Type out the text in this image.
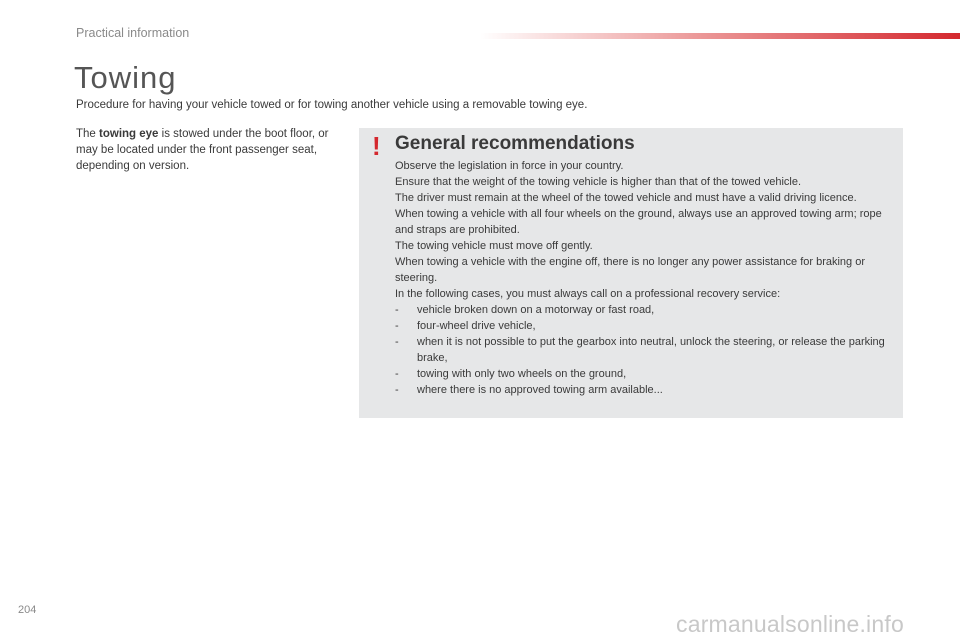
Practical information
Towing
Procedure for having your vehicle towed or for towing another vehicle using a removable towing eye.
The towing eye is stowed under the boot floor, or may be located under the front passenger seat, depending on version.
! General recommendations

Observe the legislation in force in your country.

Ensure that the weight of the towing vehicle is higher than that of the towed vehicle.

The driver must remain at the wheel of the towed vehicle and must have a valid driving licence.

When towing a vehicle with all four wheels on the ground, always use an approved towing arm; rope and straps are prohibited.

The towing vehicle must move off gently.

When towing a vehicle with the engine off, there is no longer any power assistance for braking or steering.

In the following cases, you must always call on a professional recovery service:

- vehicle broken down on a motorway or fast road,
- four-wheel drive vehicle,
- when it is not possible to put the gearbox into neutral, unlock the steering, or release the parking brake,
- towing with only two wheels on the ground,
- where there is no approved towing arm available...
204
carmanualsonline.info
